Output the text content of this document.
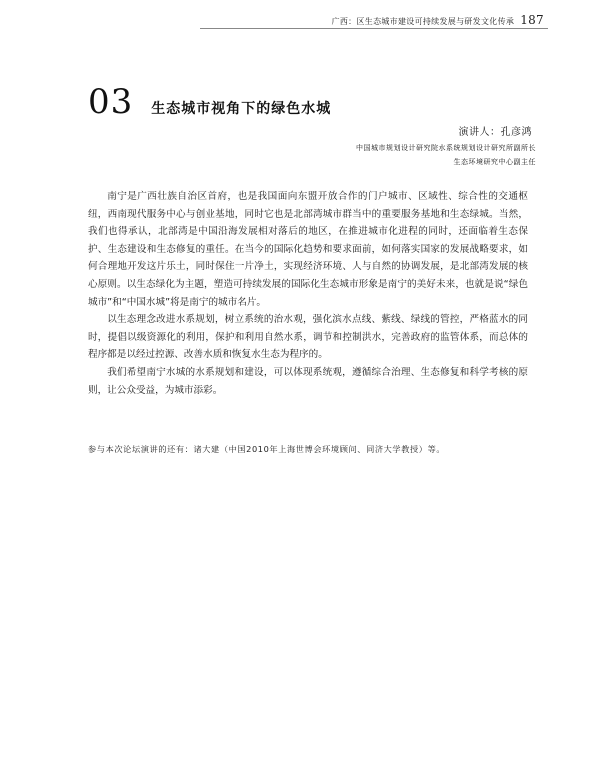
广西：区生态城市建设可持续发展与研发文化传承 187
03 生态城市视角下的绿色水城
演讲人：孔彦鸿
中国城市规划设计研究院水系统规划设计研究所副所长
生态环境研究中心副主任

南宁是广西壮族自治区首府，也是我国面向东盟开放合作的门户城市、区域性、综合性的交通枢纽，西南现代服务中心与创业基地，同时它也是北部湾城市群当中的重要服务基地和生态绿城。当然，我们也得承认，北部湾是中国沿海发展相对落后的地区，在推进城市化进程的同时，还面临着生态保护、生态建设和生态修复的重任。在当今的国际化趋势和要求面前，如何落实国家的发展战略要求，如何合理地开发这片乐土，同时保住一片净土，实现经济环境、人与自然的协调发展，是北部湾发展的核心原则。以生态绿化为主题，塑造可持续发展的国际化生态城市形象是南宁的美好未来，也就是说“绿色城市”和“中国水城”将是南宁的城市名片。

以生态理念改进水系规划，树立系统的治水观，强化滨水点线、紫线、绿线的管控，严格蓝水的同时，提倡以级资源化的利用，保护和利用自然水系，调节和控制洪水，完善政府的监管体系，而总体的程序都是以经过控源、改善水质和恢复水生态为程序的。

我们希望南宁水城的水系规划和建设，可以体现系统观，遵循综合治理、生态修复和科学考核的原则，让公众受益，为城市添彩。

参与本次论坛演讲的还有：诸大建（中国2010年上海世博会环境顾问、同济大学教授）等。
